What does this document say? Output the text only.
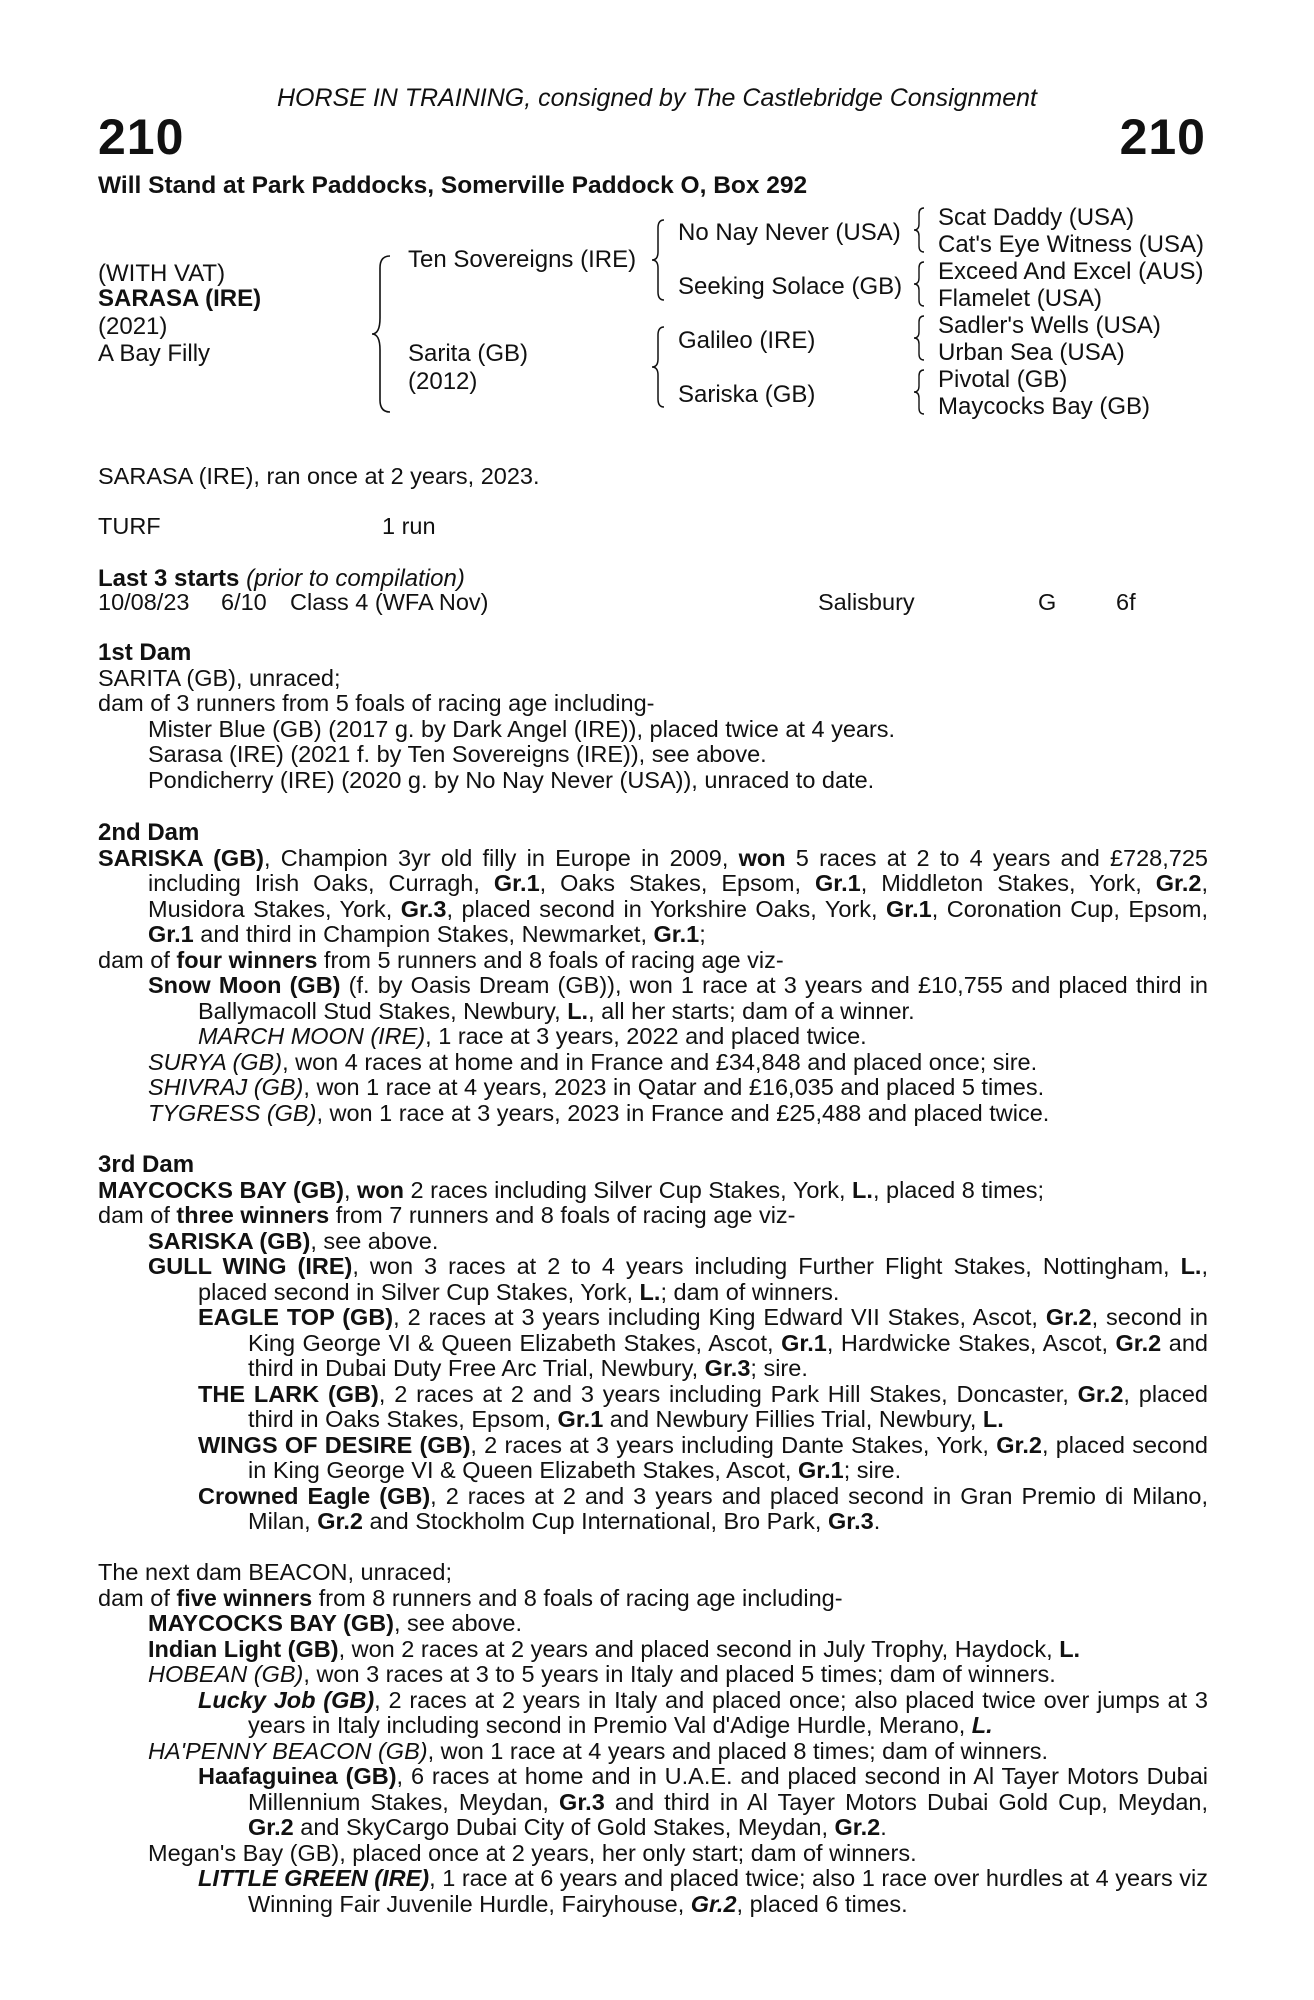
HORSE IN TRAINING, consigned by The Castlebridge Consignment
210	210
Will Stand at Park Paddocks, Somerville Paddock O, Box 292
(WITH VAT)
SARASA (IRE)
(2021)
A Bay Filly
Ten Sovereigns (IRE)
Sarita (GB)
(2012)
No Nay Never (USA)
Seeking Solace (GB)
Galileo (IRE)
Sariska (GB)
Scat Daddy (USA)
Cat's Eye Witness (USA)
Exceed And Excel (AUS)
Flamelet (USA)
Sadler's Wells (USA)
Urban Sea (USA)
Pivotal (GB)
Maycocks Bay (GB)
SARASA (IRE), ran once at 2 years, 2023.
TURF	1 run
Last 3 starts (prior to compilation)
10/08/23 6/10 Class 4 (WFA Nov)	Salisbury	G	6f
1st Dam
SARITA (GB), unraced;
dam of 3 runners from 5 foals of racing age including-
Mister Blue (GB) (2017 g. by Dark Angel (IRE)), placed twice at 4 years.
Sarasa (IRE) (2021 f. by Ten Sovereigns (IRE)), see above.
Pondicherry (IRE) (2020 g. by No Nay Never (USA)), unraced to date.
2nd Dam
SARISKA (GB), Champion 3yr old filly in Europe in 2009, won 5 races at 2 to 4 years and £728,725 including Irish Oaks, Curragh, Gr.1, Oaks Stakes, Epsom, Gr.1, Middleton Stakes, York, Gr.2, Musidora Stakes, York, Gr.3, placed second in Yorkshire Oaks, York, Gr.1, Coronation Cup, Epsom, Gr.1 and third in Champion Stakes, Newmarket, Gr.1;
dam of four winners from 5 runners and 8 foals of racing age viz-
Snow Moon (GB) (f. by Oasis Dream (GB)), won 1 race at 3 years and £10,755 and placed third in Ballymacoll Stud Stakes, Newbury, L., all her starts; dam of a winner.
MARCH MOON (IRE), 1 race at 3 years, 2022 and placed twice.
SURYA (GB), won 4 races at home and in France and £34,848 and placed once; sire.
SHIVRAJ (GB), won 1 race at 4 years, 2023 in Qatar and £16,035 and placed 5 times.
TYGRESS (GB), won 1 race at 3 years, 2023 in France and £25,488 and placed twice.
3rd Dam
MAYCOCKS BAY (GB), won 2 races including Silver Cup Stakes, York, L., placed 8 times;
dam of three winners from 7 runners and 8 foals of racing age viz-
SARISKA (GB), see above.
GULL WING (IRE), won 3 races at 2 to 4 years including Further Flight Stakes, Nottingham, L., placed second in Silver Cup Stakes, York, L.; dam of winners.
EAGLE TOP (GB), 2 races at 3 years including King Edward VII Stakes, Ascot, Gr.2, second in King George VI & Queen Elizabeth Stakes, Ascot, Gr.1, Hardwicke Stakes, Ascot, Gr.2 and third in Dubai Duty Free Arc Trial, Newbury, Gr.3; sire.
THE LARK (GB), 2 races at 2 and 3 years including Park Hill Stakes, Doncaster, Gr.2, placed third in Oaks Stakes, Epsom, Gr.1 and Newbury Fillies Trial, Newbury, L.
WINGS OF DESIRE (GB), 2 races at 3 years including Dante Stakes, York, Gr.2, placed second in King George VI & Queen Elizabeth Stakes, Ascot, Gr.1; sire.
Crowned Eagle (GB), 2 races at 2 and 3 years and placed second in Gran Premio di Milano, Milan, Gr.2 and Stockholm Cup International, Bro Park, Gr.3.
The next dam BEACON, unraced;
dam of five winners from 8 runners and 8 foals of racing age including-
MAYCOCKS BAY (GB), see above.
Indian Light (GB), won 2 races at 2 years and placed second in July Trophy, Haydock, L.
HOBEAN (GB), won 3 races at 3 to 5 years in Italy and placed 5 times; dam of winners.
Lucky Job (GB), 2 races at 2 years in Italy and placed once; also placed twice over jumps at 3 years in Italy including second in Premio Val d'Adige Hurdle, Merano, L.
HA'PENNY BEACON (GB), won 1 race at 4 years and placed 8 times; dam of winners.
Haafaguinea (GB), 6 races at home and in U.A.E. and placed second in Al Tayer Motors Dubai Millennium Stakes, Meydan, Gr.3 and third in Al Tayer Motors Dubai Gold Cup, Meydan, Gr.2 and SkyCargo Dubai City of Gold Stakes, Meydan, Gr.2.
Megan's Bay (GB), placed once at 2 years, her only start; dam of winners.
LITTLE GREEN (IRE), 1 race at 6 years and placed twice; also 1 race over hurdles at 4 years viz Winning Fair Juvenile Hurdle, Fairyhouse, Gr.2, placed 6 times.
